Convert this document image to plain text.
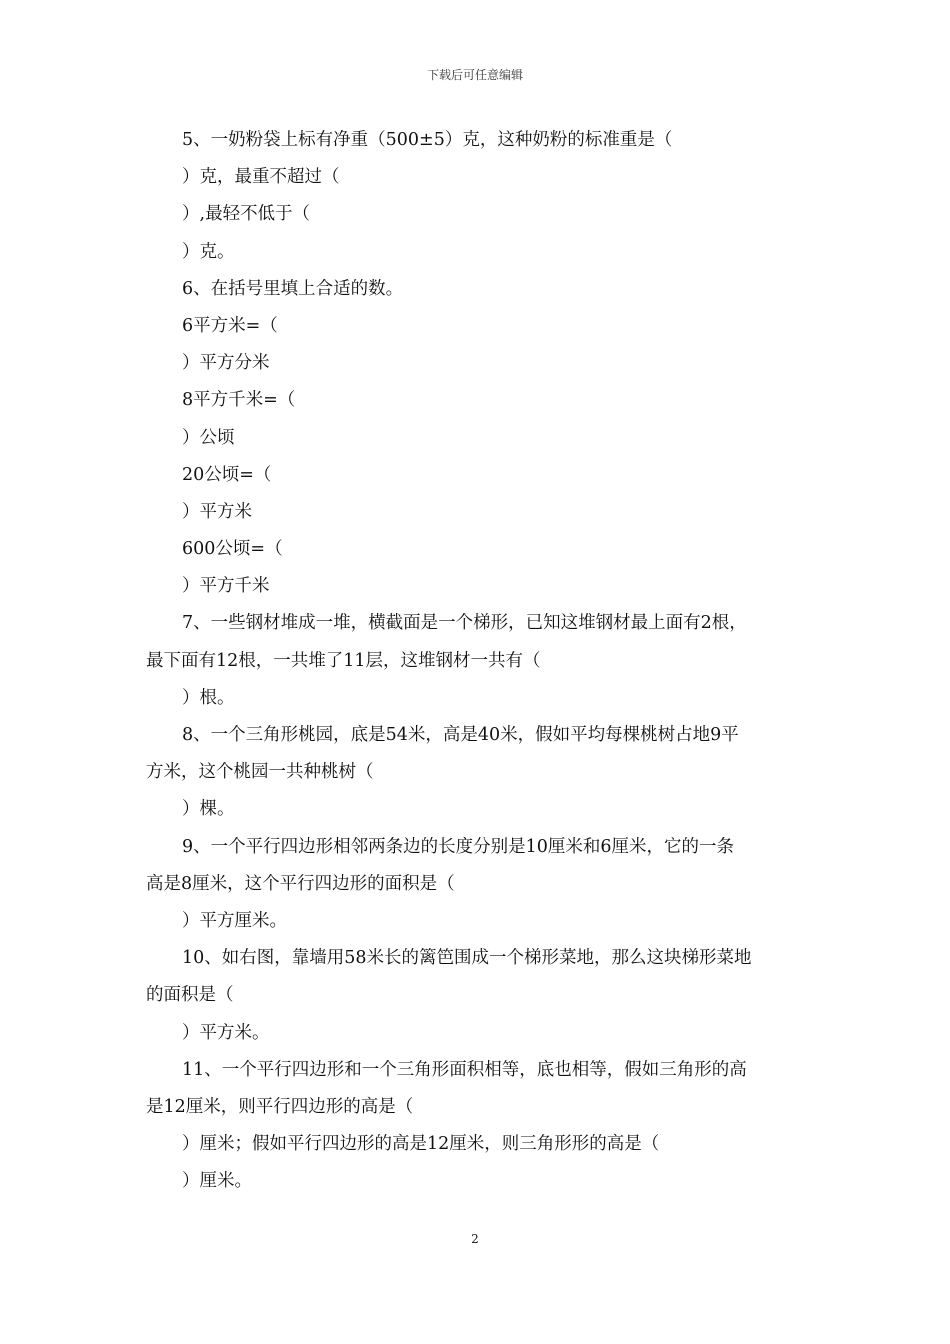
下载后可任意编辑
5、一奶粉袋上标有净重（500±5）克，这种奶粉的标准重是（
）克，最重不超过（
）,最轻不低于（
）克。
6、在括号里填上合适的数。
6平方米=（
）平方分米
8平方千米=（
）公顷
20公顷=（
）平方米
600公顷=（
）平方千米
7、一些钢材堆成一堆，横截面是一个梯形，已知这堆钢材最上面有2根，
最下面有12根，一共堆了11层，这堆钢材一共有（
）根。
8、一个三角形桃园，底是54米，高是40米，假如平均每棵桃树占地9平
方米，这个桃园一共种桃树（
）棵。
9、一个平行四边形相邻两条边的长度分别是10厘米和6厘米，它的一条
高是8厘米，这个平行四边形的面积是（
）平方厘米。
10、如右图，靠墙用58米长的篱笆围成一个梯形菜地，那么这块梯形菜地
的面积是（
）平方米。
11、一个平行四边形和一个三角形面积相等，底也相等，假如三角形的高
是12厘米，则平行四边形的高是（
）厘米；假如平行四边形的高是12厘米，则三角形形的高是（
）厘米。
2
